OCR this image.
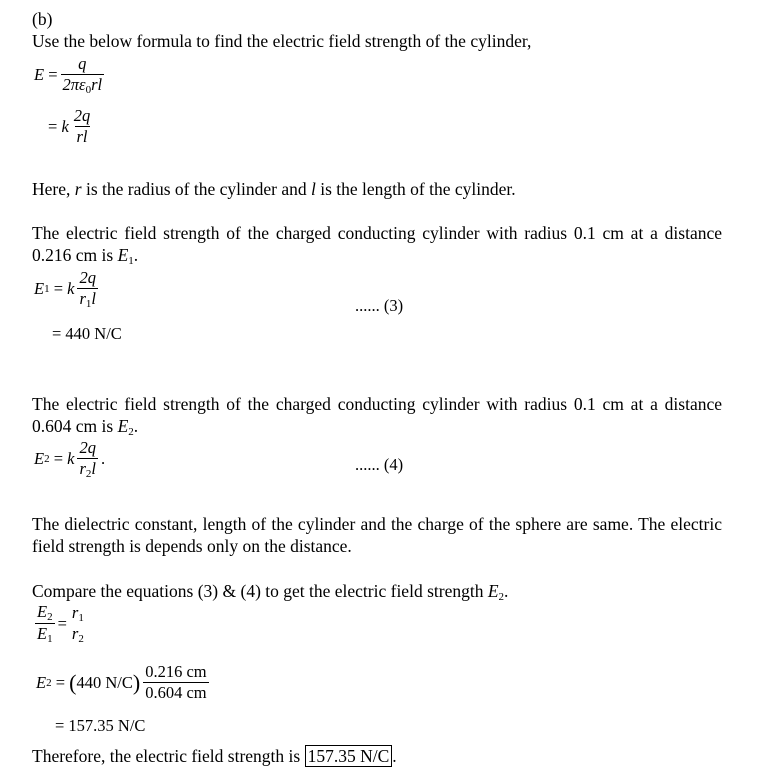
(b)
Use the below formula to find the electric field strength of the cylinder,
E
= $\frac{q}{2\pi\varepsilon_0rl}$
=
k $\frac{2q}{rl}$
Here, r is the radius of the cylinder and l is the length of the cylinder.
The electric field strength of the charged conducting cylinder with radius 0.1 cm at a distance 0.216 cm is $E_1$.
E 1 = k $\frac{2q}{r_1l}$	...... (3)
= 440 N/C
The electric field strength of the charged conducting cylinder with radius 0.1 cm at a distance 0.604 cm is $E_2$.
E 2 = k $\frac{2q}{r_2l}$ .	...... (4)
The dielectric constant, length of the cylinder and the charge of the sphere are same. The electric field strength is depends only on the distance.
Compare the equations (3) & (4) to get the electric field strength $E_2$.
$\frac{E_2}{E_1}$ =
$r_1$
$r_2$
E 2 = ( 440 N/C ) $\frac{0.216 cm}{0.604 cm}$
= 157.35 N/C
Therefore, the electric field strength is 157.35 N/C .
